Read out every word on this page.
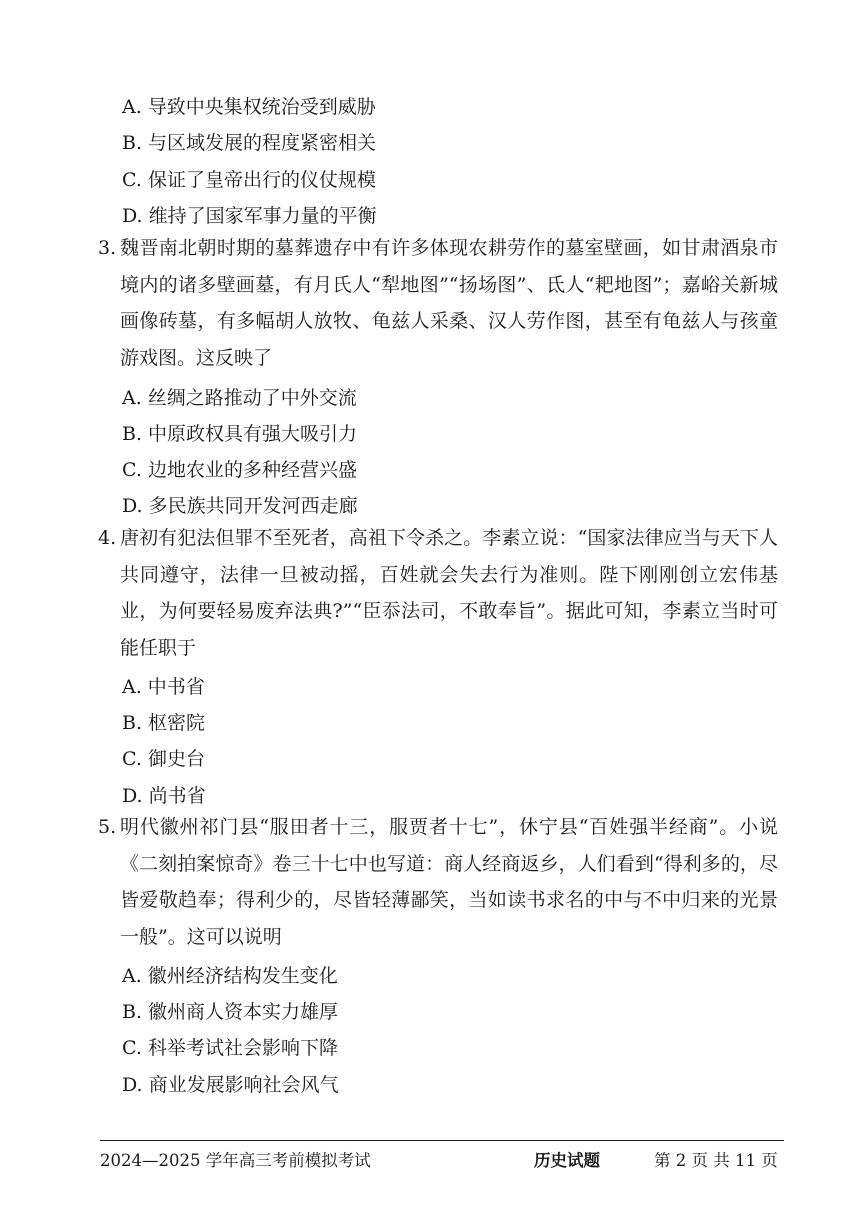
A. 导致中央集权统治受到威胁
B. 与区域发展的程度紧密相关
C. 保证了皇帝出行的仪仗规模
D. 维持了国家军事力量的平衡
3. 魏晋南北朝时期的墓葬遗存中有许多体现农耕劳作的墓室壁画，如甘肃酒泉市境内的诸多壁画墓，有月氏人“犁地图”“扬场图”、氐人“耙地图”；嘉峪关新城画像砖墓，有多幅胡人放牧、龟兹人采桑、汉人劳作图，甚至有龟兹人与孩童游戏图。这反映了
A. 丝绸之路推动了中外交流
B. 中原政权具有强大吸引力
C. 边地农业的多种经营兴盛
D. 多民族共同开发河西走廊
4. 唐初有犯法但罪不至死者，高祖下令杀之。李素立说：“国家法律应当与天下人共同遵守，法律一旦被动摇，百姓就会失去行为准则。陛下刚刚创立宏伟基业，为何要轻易废弃法典?”“臣忝法司，不敢奉旨”。据此可知，李素立当时可能任职于
A. 中书省
B. 枢密院
C. 御史台
D. 尚书省
5. 明代徽州祁门县“服田者十三，服贾者十七”，休宁县“百姓强半经商”。小说《二刻拍案惊奇》卷三十七中也写道：商人经商返乡，人们看到“得利多的，尽皆爱敬趋奉；得利少的，尽皆轻薄鄙笑，当如读书求名的中与不中归来的光景一般”。这可以说明
A. 徽州经济结构发生变化
B. 徽州商人资本实力雄厚
C. 科举考试社会影响下降
D. 商业发展影响社会风气
2024—2025 学年高三考前模拟考试	历史试题	第 2 页 共 11 页
